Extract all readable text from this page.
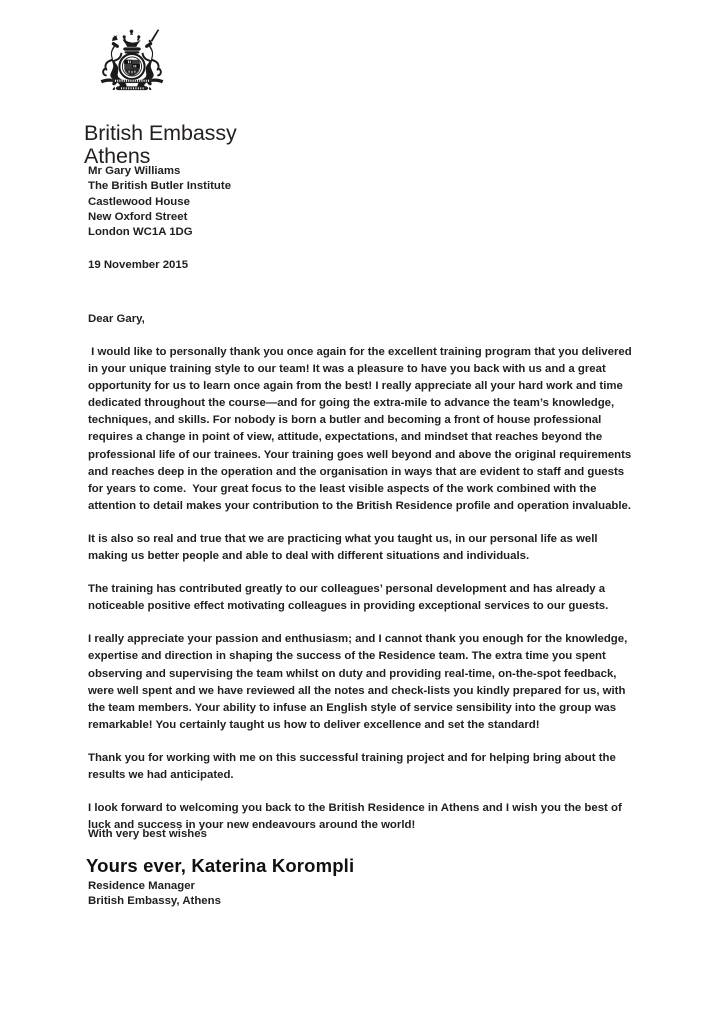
British Embassy
Athens
Mr Gary Williams
The British Butler Institute
Castlewood House
New Oxford Street
London WC1A 1DG
19 November 2015
Dear Gary,

I would like to personally thank you once again for the excellent training program that you delivered in your unique training style to our team! It was a pleasure to have you back with us and a great opportunity for us to learn once again from the best! I really appreciate all your hard work and time dedicated throughout the course—and for going the extra-mile to advance the team’s knowledge, techniques, and skills. For nobody is born a butler and becoming a front of house professional requires a change in point of view, attitude, expectations, and mindset that reaches beyond the professional life of our trainees. Your training goes well beyond and above the original requirements and reaches deep in the operation and the organisation in ways that are evident to staff and guests for years to come.  Your great focus to the least visible aspects of the work combined with the attention to detail makes your contribution to the British Residence profile and operation invaluable.

It is also so real and true that we are practicing what you taught us, in our personal life as well making us better people and able to deal with different situations and individuals.

The training has contributed greatly to our colleagues’ personal development and has already a noticeable positive effect motivating colleagues in providing exceptional services to our guests.

I really appreciate your passion and enthusiasm; and I cannot thank you enough for the knowledge, expertise and direction in shaping the success of the Residence team. The extra time you spent observing and supervising the team whilst on duty and providing real-time, on-the-spot feedback, were well spent and we have reviewed all the notes and check-lists you kindly prepared for us, with the team members. Your ability to infuse an English style of service sensibility into the group was remarkable! You certainly taught us how to deliver excellence and set the standard!

Thank you for working with me on this successful training project and for helping bring about the results we had anticipated.

I look forward to welcoming you back to the British Residence in Athens and I wish you the best of luck and success in your new endeavours around the world!

With very best wishes
Yours ever, Katerina Korompli
Residence Manager
British Embassy, Athens
